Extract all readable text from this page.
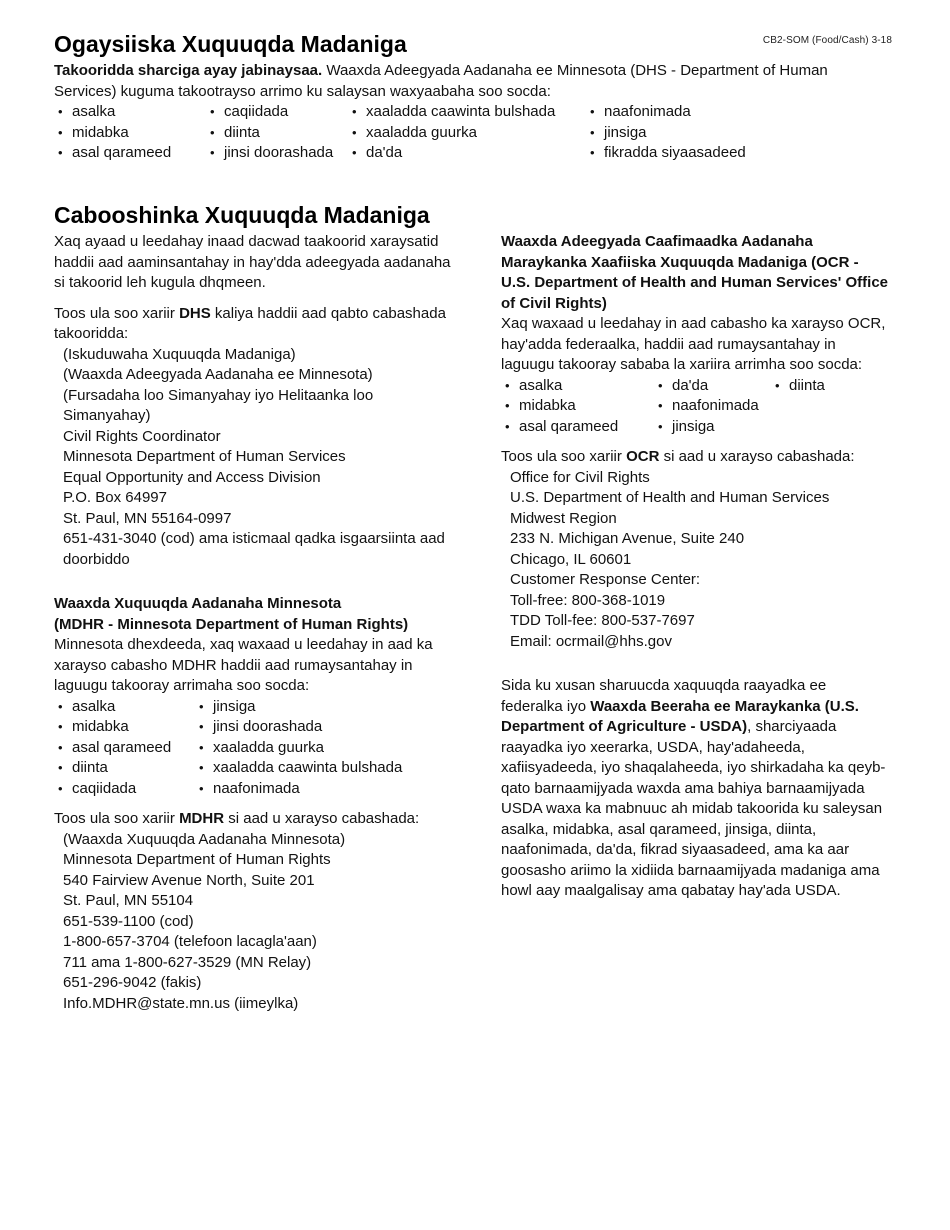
CB2-SOM (Food/Cash) 3-18
Ogaysiiska Xuquuqda Madaniga

Takooridda sharciga ayay jabinaysaa. Waaxda Adeegyada Aadanaha ee Minnesota (DHS - Department of Human Services) kuguma takootrayso arrimo ku salaysan waxyaabaha soo socda:

• asalka
• midabka
• asal qarameed
• caqiidada
• diinta
• jinsi doorashada
• xaaladda caawinta bulshada
• xaaladda guurka
• da'da
• naafonimada
• jinsiga
• fikradda siyaasadeed
Cabooshinka Xuquuqda Madaniga

Xaq ayaad u leedahay inaad dacwad taakoorid xaraysatid haddii aad aaminsantahay in hay'dda adeegyada aadanaha si takoorid leh kugula dhqmeen.

Toos ula soo xariir DHS kaliya haddii aad qabto cabashada takooridda:

(Iskuduwaha Xuquuqda Madaniga)
(Waaxda Adeegyada Aadanaha ee Minnesota)
(Fursadaha loo Simanyahay iyo Helitaanka loo Simanyahay)
Civil Rights Coordinator
Minnesota Department of Human Services
Equal Opportunity and Access Division
P.O. Box 64997
St. Paul, MN 55164-0997
651-431-3040 (cod) ama isticmaal qadka isgaarsiinta aad doorbiddo

Waaxda Xuquuqda Aadanaha Minnesota
(MDHR - Minnesota Department of Human Rights)

Minnesota dhexdeeda, xaq waxaad u leedahay in aad ka xarayso cabasho MDHR haddii aad rumaysantahay in laguugu takooray arrimaha soo socda:

• asalka
• midabka
• asal qarameed
• diinta
• caqiidada
• jinsiga
• jinsi doorashada
• xaaladda guurka
• xaaladda caawinta bulshada
• naafonimada

Toos ula soo xariir MDHR si aad u xarayso cabashada:

(Waaxda Xuquuqda Aadanaha Minnesota)
Minnesota Department of Human Rights
540 Fairview Avenue North, Suite 201
St. Paul, MN 55104
651-539-1100 (cod)
1-800-657-3704 (telefoon lacagla'aan)
711 ama 1-800-627-3529 (MN Relay)
651-296-9042 (fakis)
Info.MDHR@state.mn.us (iimeylka)

Waaxda Adeegyada Caafimaadka Aadanaha Maraykanka Xaafiiska Xuquuqda Madaniga (OCR - U.S. Department of Health and Human Services' Office of Civil Rights)

Xaq waxaad u leedahay in aad cabasho ka xarayso OCR, hay'adda federaalka, haddii aad rumaysantahay in laguugu takooray sababa la xariira arrimha soo socda:

• asalka
• midabka
• asal qarameed
• da'da
• naafonimada
• jinsiga
• diinta

Toos ula soo xariir OCR si aad u xarayso cabashada:

Office for Civil Rights
U.S. Department of Health and Human Services
Midwest Region
233 N. Michigan Avenue, Suite 240
Chicago, IL 60601
Customer Response Center:
Toll-free: 800-368-1019
TDD Toll-fee: 800-537-7697
Email: ocrmail@hhs.gov

Sida ku xusan sharuucda xaquuqda raayadka ee federalka iyo Waaxda Beeraha ee Maraykanka (U.S. Department of Agriculture - USDA), sharciyaada raayadka iyo xeerarka, USDA, hay'adaheeda, xafiisyadeeda, iyo shaqalaheeda, iyo shirkadaha ka qeyb-qato barnaamijyada waxda ama bahiya barnaamijyada USDA waxa ka mabnuuc ah midab takoorida ku saleysan asalka, midabka, asal qarameed, jinsiga, diinta, naafonimada, da'da, fikrad siyaasadeed, ama ka aar goosasho ariimo la xidiida barnaamijyada madaniga ama howl aay maalgalisay ama qabatay hay'ada USDA.
